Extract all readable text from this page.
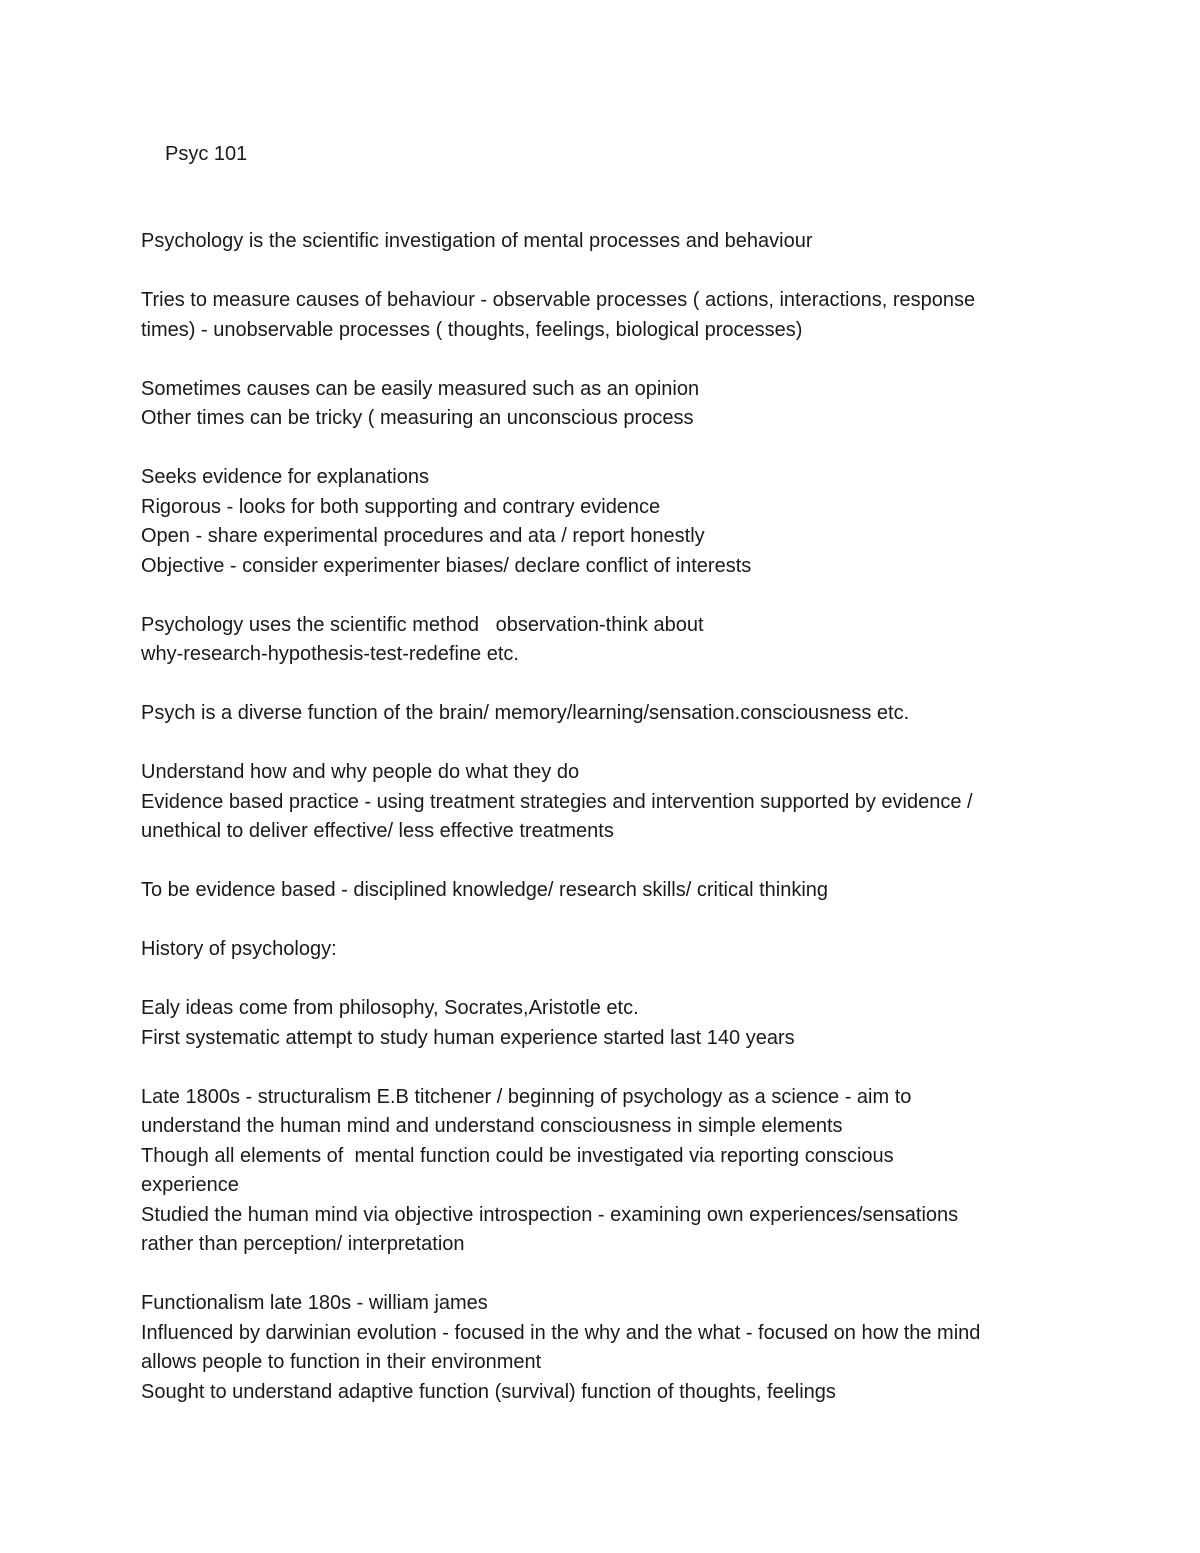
Psyc 101
Psychology is the scientific investigation of mental processes and behaviour
Tries to measure causes of behaviour - observable processes ( actions, interactions, response
times) - unobservable processes ( thoughts, feelings, biological processes)
Sometimes causes can be easily measured such as an opinion
Other times can be tricky ( measuring an unconscious process
Seeks evidence for explanations
Rigorous - looks for both supporting and contrary evidence
Open - share experimental procedures and ata / report honestly
Objective - consider experimenter biases/ declare conflict of interests
Psychology uses the scientific method   observation-think about
why-research-hypothesis-test-redefine etc.
Psych is a diverse function of the brain/ memory/learning/sensation.consciousness etc.
Understand how and why people do what they do
Evidence based practice - using treatment strategies and intervention supported by evidence /
unethical to deliver effective/ less effective treatments
To be evidence based - disciplined knowledge/ research skills/ critical thinking
History of psychology:
Ealy ideas come from philosophy, Socrates,Aristotle etc.
First systematic attempt to study human experience started last 140 years
Late 1800s - structuralism E.B titchener / beginning of psychology as a science - aim to
understand the human mind and understand consciousness in simple elements
Though all elements of  mental function could be investigated via reporting conscious
experience
Studied the human mind via objective introspection - examining own experiences/sensations
rather than perception/ interpretation
Functionalism late 180s - william james
Influenced by darwinian evolution - focused in the why and the what - focused on how the mind
allows people to function in their environment
Sought to understand adaptive function (survival) function of thoughts, feelings
